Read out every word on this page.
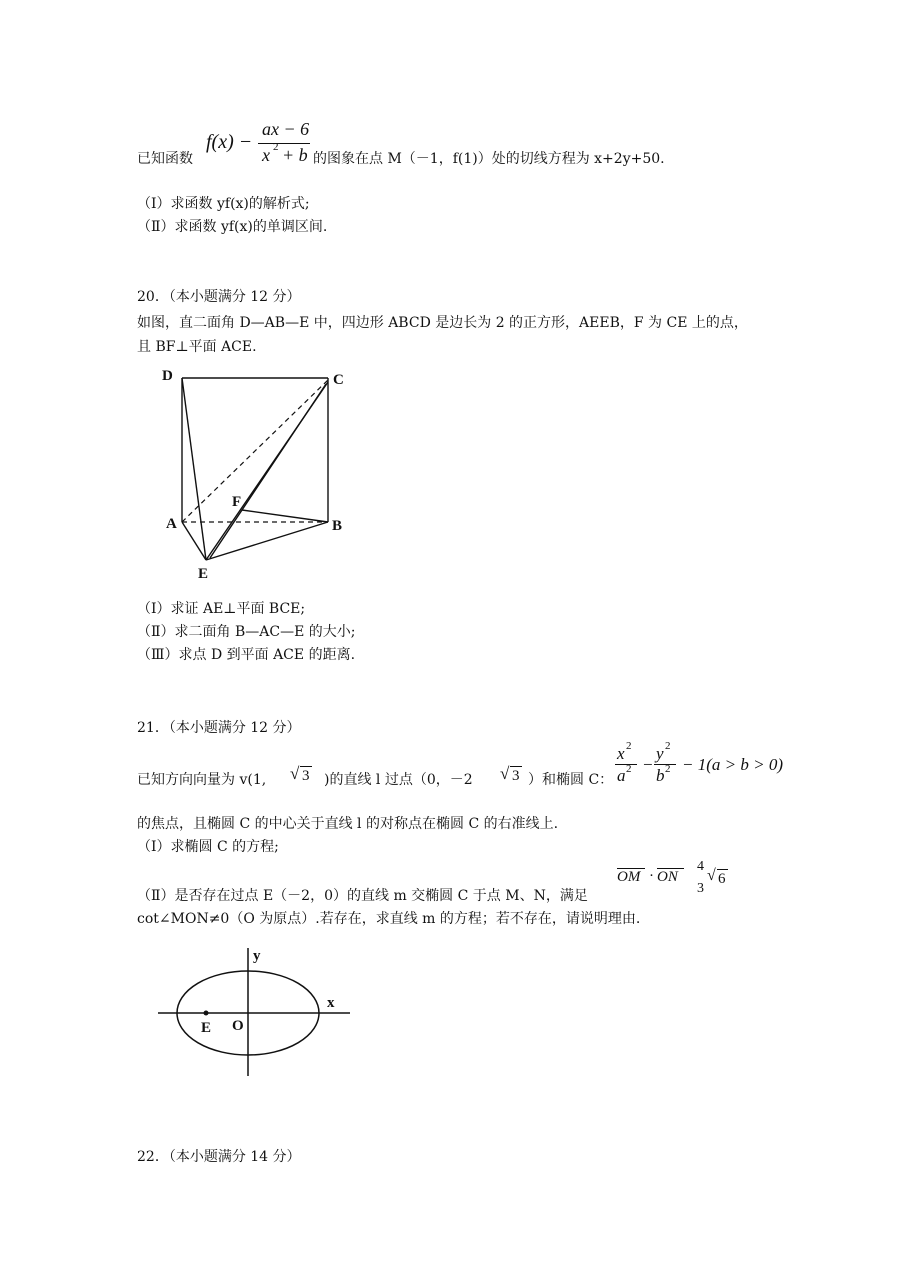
已知函数
f(x) −
ax − 6
x 2 + b 的图象在点 M（－1，f(1)）处的切线方程为 x+2y+50.
（Ⅰ）求函数 yf(x)的解析式;
（Ⅱ）求函数 yf(x)的单调区间.
20．（本小题满分 12 分）
如图，直二面角 D—AB—E 中，四边形 ABCD 是边长为 2 的正方形，AEEB，F 为 CE 上的点，
且 BF⊥平面 ACE.
D	C
F
A	B
E
（Ⅰ）求证 AE⊥平面 BCE;
（Ⅱ）求二面角 B—AC—E 的大小;
（Ⅲ）求点 D 到平面 ACE 的距离.
21．（本小题满分 12 分）
已知方向向量为 v(1, √ 3 )的直线 l 过点（0，－2 √ 3 ）和椭圆 C：
x 2
a 2 −
y 2
b 2 − 1(a > b > 0)
的焦点，且椭圆 C 的中心关于直线 l 的对称点在椭圆 C 的右准线上.
（Ⅰ）求椭圆 C 的方程;
OM · ON
4
3
√ 6
（Ⅱ）是否存在过点 E（－2，0）的直线 m 交椭圆 C 于点 M、N，满足
cot∠MON≠0（O 为原点）.若存在，求直线 m 的方程；若不存在，请说明理由.
y
x
E O
22．（本小题满分 14 分）
